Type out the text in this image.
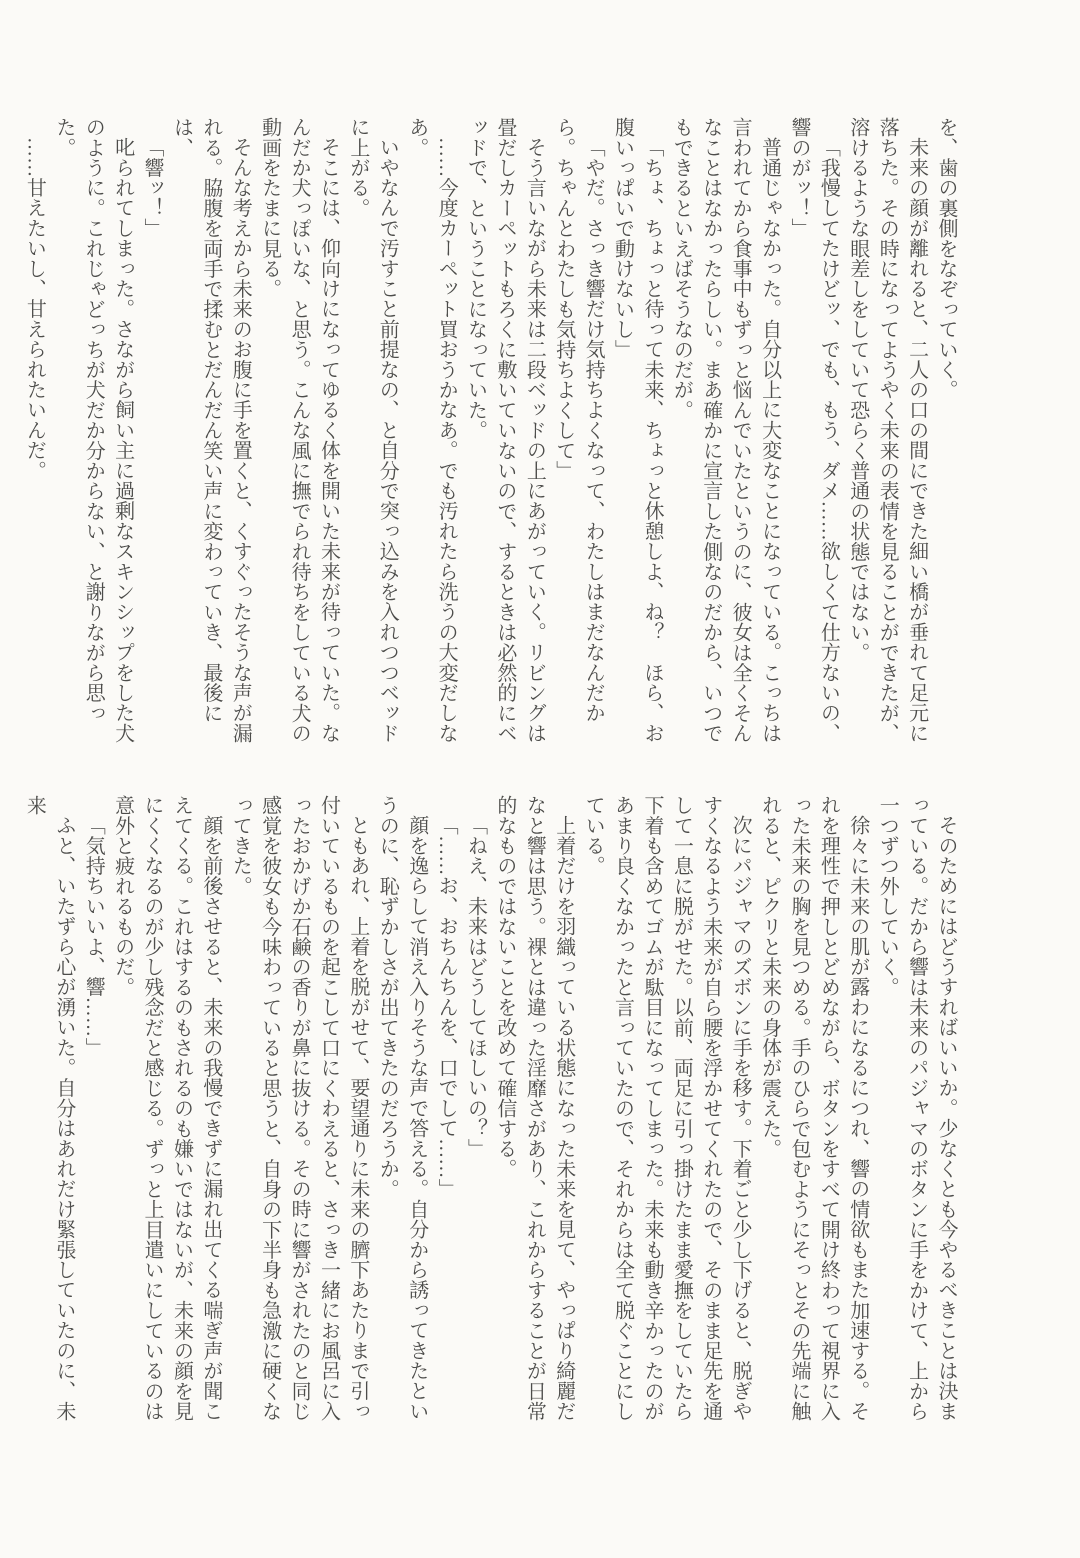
を、歯の裏側をなぞっていく。

未来の顔が離れると、二人の口の間にできた細い橋が垂れて足元に落ちた。その時になってようやく未来の表情を見ることができたが、溶けるような眼差しをしていて恐らく普通の状態ではない。

「我慢してたけどッ、でも、もう、ダメ……欲しくて仕方ないの、響のがッ！」

普通じゃなかった。自分以上に大変なことになっている。こっちは言われてから食事中もずっと悩んでいたというのに、彼女は全くそんなことはなかったらしい。まあ確かに宣言した側なのだから、いつでもできるといえばそうなのだが。

「ちょ、ちょっと待って未来、ちょっと休憩しよ、ね？　ほら、お腹いっぱいで動けないし」

「やだ。さっき響だけ気持ちよくなって、わたしはまだなんだから。ちゃんとわたしも気持ちよくして」

そう言いながら未来は二段ベッドの上にあがっていく。リビングは畳だしカーペットもろくに敷いていないので、するときは必然的にベッドで、ということになっていた。

……今度カーペット買おうかなあ。でも汚れたら洗うの大変だしなあ。

いやなんで汚すこと前提なの、と自分で突っ込みを入れつつベッドに上がる。

そこには、仰向けになってゆるく体を開いた未来が待っていた。なんだか犬っぽいな、と思う。こんな風に撫でられ待ちをしている犬の動画をたまに見る。

そんな考えから未来のお腹に手を置くと、くすぐったそうな声が漏れる。脇腹を両手で揉むとだんだん笑い声に変わっていき、最後には、

「響ッ！」

叱られてしまった。さながら飼い主に過剰なスキンシップをした犬のように。これじゃどっちが犬だか分からない、と謝りながら思った。

……甘えたいし、甘えられたいんだ。

そのためにはどうすればいいか。少なくとも今やるべきことは決まっている。だから響は未来のパジャマのボタンに手をかけて、上から一つずつ外していく。

徐々に未来の肌が露わになるにつれ、響の情欲もまた加速する。それを理性で押しとどめながら、ボタンをすべて開け終わって視界に入った未来の胸を見つめる。手のひらで包むようにそっとその先端に触れると、ピクリと未来の身体が震えた。

次にパジャマのズボンに手を移す。下着ごと少し下げると、脱ぎやすくなるよう未来が自ら腰を浮かせてくれたので、そのまま足先を通して一息に脱がせた。以前、両足に引っ掛けたまま愛撫をしていたら下着も含めてゴムが駄目になってしまった。未来も動き辛かったのがあまり良くなかったと言っていたので、それからは全て脱ぐことにしている。

上着だけを羽織っている状態になった未来を見て、やっぱり綺麗だなと響は思う。裸とは違った淫靡さがあり、これからすることが日常的なものではないことを改めて確信する。

「ねえ、未来はどうしてほしいの？」

「……お、おちんちんを、口でして……」

顔を逸らして消え入りそうな声で答える。自分から誘ってきたというのに、恥ずかしさが出てきたのだろうか。

ともあれ、上着を脱がせて、要望通りに未来の臍下あたりまで引っ付いているものを起こして口にくわえると、さっき一緒にお風呂に入ったおかげか石鹸の香りが鼻に抜ける。その時に響がされたのと同じ感覚を彼女も今味わっていると思うと、自身の下半身も急激に硬くなってきた。

顔を前後させると、未来の我慢できずに漏れ出てくる喘ぎ声が聞こえてくる。これはするのもされるのも嫌いではないが、未来の顔を見にくくなるのが少し残念だと感じる。ずっと上目遣いにしているのは意外と疲れるものだ。

「気持ちいいよ、響……」

ふと、いたずら心が湧いた。自分はあれだけ緊張していたのに、未来
